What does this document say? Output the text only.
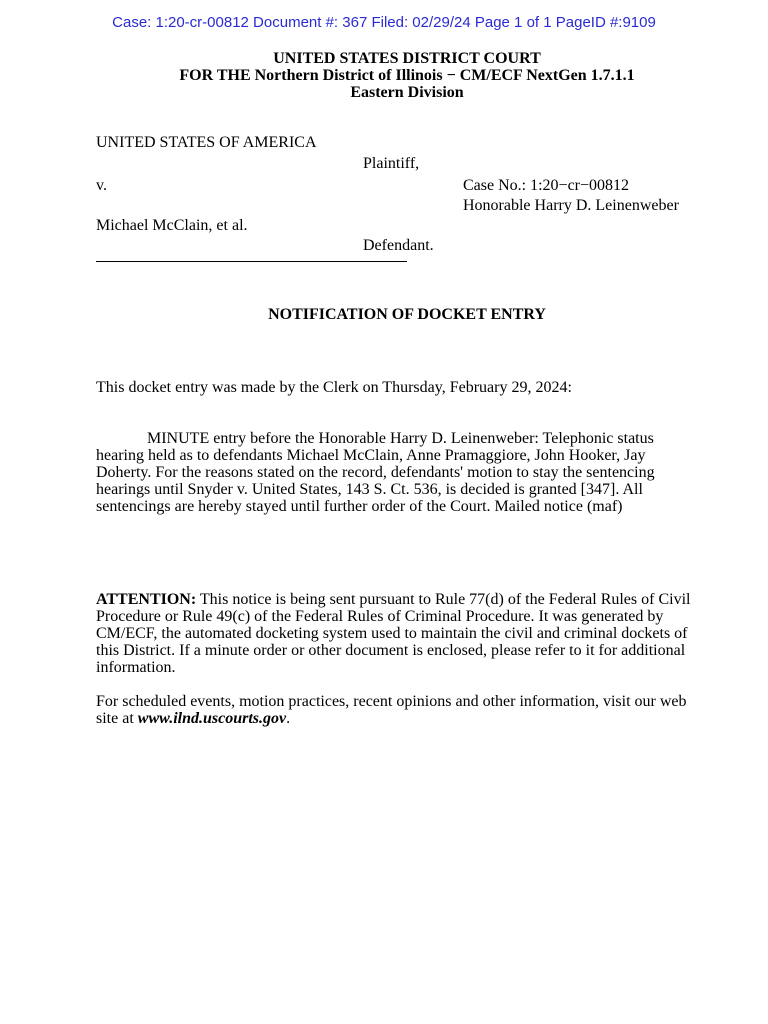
Case: 1:20-cr-00812 Document #: 367 Filed: 02/29/24 Page 1 of 1 PageID #:9109
UNITED STATES DISTRICT COURT
FOR THE Northern District of Illinois − CM/ECF NextGen 1.7.1.1
Eastern Division
UNITED STATES OF AMERICA
Plaintiff,
v.	Case No.: 1:20−cr−00812
Honorable Harry D. Leinenweber
Michael McClain, et al.
Defendant.
NOTIFICATION OF DOCKET ENTRY
This docket entry was made by the Clerk on Thursday, February 29, 2024:
MINUTE entry before the Honorable Harry D. Leinenweber: Telephonic status hearing held as to defendants Michael McClain, Anne Pramaggiore, John Hooker, Jay Doherty. For the reasons stated on the record, defendants' motion to stay the sentencing hearings until Snyder v. United States, 143 S. Ct. 536, is decided is granted [347]. All sentencings are hereby stayed until further order of the Court. Mailed notice (maf)
ATTENTION: This notice is being sent pursuant to Rule 77(d) of the Federal Rules of Civil Procedure or Rule 49(c) of the Federal Rules of Criminal Procedure. It was generated by CM/ECF, the automated docketing system used to maintain the civil and criminal dockets of this District. If a minute order or other document is enclosed, please refer to it for additional information.
For scheduled events, motion practices, recent opinions and other information, visit our web site at www.ilnd.uscourts.gov.
